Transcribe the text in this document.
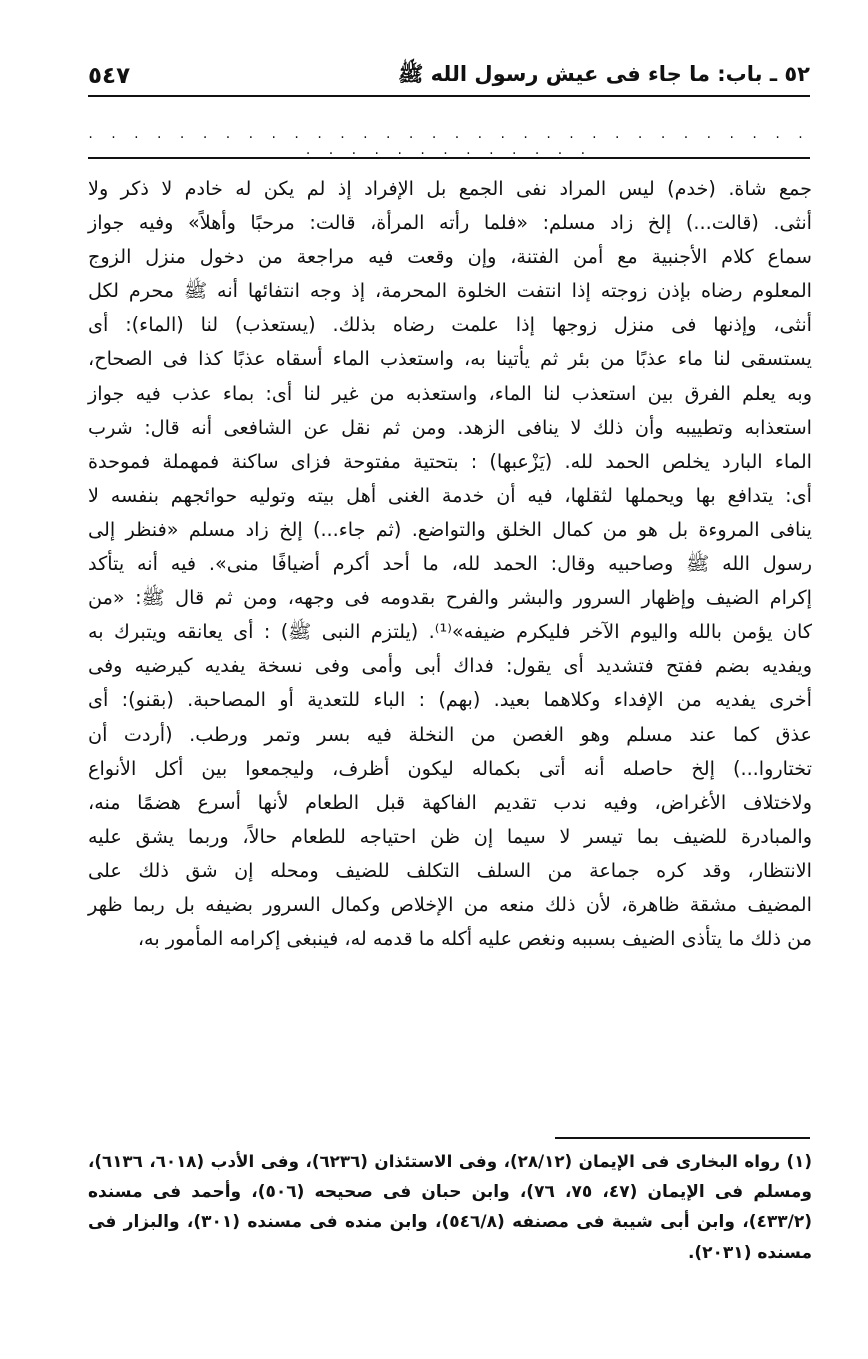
٥٤٧	٥٢ ـ باب: ما جاء فى عيش رسول الله ﷺ
. . . . . . . . . . . . . . . . . . . . . . . . . . . . . . . . . . . . . . . . . . . . .
جمع شاة. (خدم) ليس المراد نفى الجمع بل الإفراد إذ لم يكن له خادم لا ذكر ولا
أنثى. (قالت...) إلخ زاد مسلم: «فلما رأته المرأة، قالت: مرحبًا وأهلاً» وفيه جواز
سماع كلام الأجنبية مع أمن الفتنة، وإن وقعت فيه مراجعة من دخول منزل الزوج
المعلوم رضاه بإذن زوجته إذا انتفت الخلوة المحرمة، إذ وجه انتفائها أنه ﷺ محرم لكل
أنثى، وإذنها فى منزل زوجها إذا علمت رضاه بذلك. (يستعذب) لنا (الماء): أى
يستسقى لنا ماء عذبًا من بئر ثم يأتينا به، واستعذب الماء أسقاه عذبًا كذا فى الصحاح،
وبه يعلم الفرق بين استعذب لنا الماء، واستعذبه من غير لنا أى: بماء عذب فيه جواز
استعذابه وتطييبه وأن ذلك لا ينافى الزهد. ومن ثم نقل عن الشافعى أنه قال: شرب
الماء البارد يخلص الحمد لله. (يَزْعبها) : بتحتية مفتوحة فزاى ساكنة فمهملة فموحدة
أى: يتدافع بها ويحملها لثقلها، فيه أن خدمة الغنى أهل بيته وتوليه حوائجهم بنفسه لا
ينافى المروءة بل هو من كمال الخلق والتواضع. (ثم جاء...) إلخ زاد مسلم «فنظر إلى
رسول الله ﷺ وصاحبيه وقال: الحمد لله، ما أحد أكرم أضيافًا منى». فيه أنه يتأكد
إكرام الضيف وإظهار السرور والبشر والفرح بقدومه فى وجهه، ومن ثم قال ﷺ: «من
كان يؤمن بالله واليوم الآخر فليكرم ضيفه»⁽¹⁾. (يلتزم النبى ﷺ) : أى يعانقه ويتبرك به
ويفديه بضم ففتح فتشديد أى يقول: فداك أبى وأمى وفى نسخة يفديه كيرضيه وفى
أخرى يفديه من الإفداء وكلاهما بعيد. (بهم) : الباء للتعدية أو المصاحبة. (بقنو): أى
عذق كما عند مسلم وهو الغصن من النخلة فيه بسر وتمر ورطب. (أردت أن
تختاروا...) إلخ حاصله أنه أتى بكماله ليكون أظرف، وليجمعوا بين أكل الأنواع
ولاختلاف الأغراض، وفيه ندب تقديم الفاكهة قبل الطعام لأنها أسرع هضمًا منه،
والمبادرة للضيف بما تيسر لا سيما إن ظن احتياجه للطعام حالاً، وربما يشق عليه
الانتظار، وقد كره جماعة من السلف التكلف للضيف ومحله إن شق ذلك على
المضيف مشقة ظاهرة، لأن ذلك منعه من الإخلاص وكمال السرور بضيفه بل ربما ظهر
من ذلك ما يتأذى الضيف بسببه ونغص عليه أكله ما قدمه له، فينبغى إكرامه المأمور به،
(١) رواه البخارى فى الإيمان (٢٨/١٢)، وفى الاستئذان (٦٢٣٦)، وفى الأدب (٦٠١٨، ٦١٣٦)،
ومسلم فى الإيمان (٤٧، ٧٥، ٧٦)، وابن حبان فى صحيحه (٥٠٦)، وأحمد فى مسنده
(٤٣٣/٢)، وابن أبى شيبة فى مصنفه (٥٤٦/٨)، وابن منده فى مسنده (٣٠١)، والبزار فى
مسنده (٢٠٣١).
